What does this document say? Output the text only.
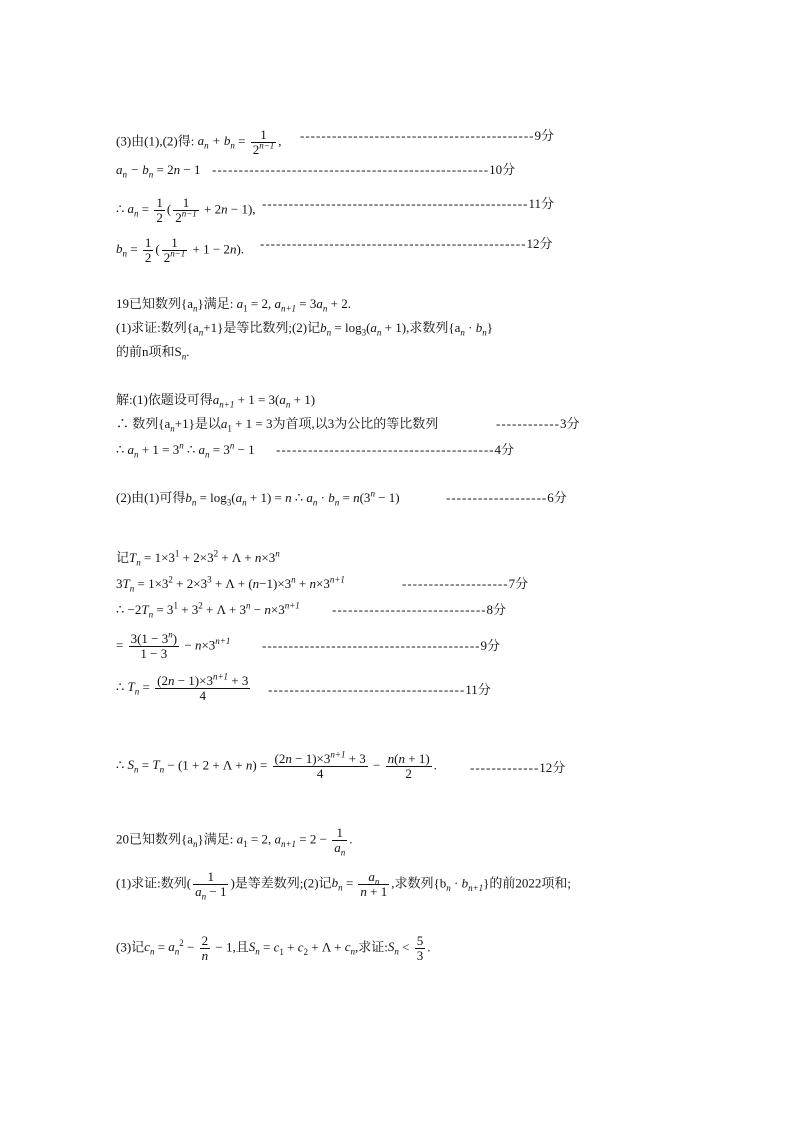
(3)由(1),(2)得: $a_n + b_n = \frac{1}{2^{n-1}}$ , --------------------------------------------9分
$a_n - b_n = 2n - 1$ ----------------------------------------------------10分
∴ $a_n = \frac{1}{2}$ ( $\frac{1}{2^{n-1}} + 2n - 1$), --------------------------------------------------11分
$b_n = \frac{1}{2}$ ( $\frac{1}{2^{n-1}} + 1 - 2n$). --------------------------------------------------12分
19已知数列$\{a_n\}$满足: $a_1 = 2$, $a_{n+1} = 3a_n + 2$.
(1)求证:数列$\{a_n+1\}$是等比数列;(2)记$b_n = \log_3(a_n + 1)$,求数列$\{a_n \cdot b_n\}$
的前n项和$S_n$.
解:(1)依题设可得$a_{n+1} + 1 = 3(a_n + 1)$
∴ 数列$\{a_n+1\}$是以$a_1 + 1 = 3$为首项,以3为公比的等比数列	------------3分
∴ $a_n + 1 = 3^n$ ∴ $a_n = 3^n - 1$ -----------------------------------------4分
(2)由(1)可得$b_n = \log_3(a_n + 1) = n$ ∴ $a_n \cdot b_n = n(3^n - 1)$	-------------------6分
记$T_n = 1\times 3^1 + 2\times 3^2 + \Lambda + n\times 3^n$
$3T_n = 1\times 3^2 + 2\times 3^3 + \Lambda + (n-1)\times 3^n + n\times 3^{n+1}$	--------------------7分
∴ $-2T_n = 3^1 + 3^2 + \Lambda + 3^n - n\times 3^{n+1}$ -----------------------------8分
= $\frac{3(1 - 3^n)}{1 - 3} - n\times 3^{n+1}$ -----------------------------------------9分
∴ $T_n = \frac{(2n - 1)\times 3^{n+1} + 3}{4} -------------------------------------11$分
∴ $S_n = T_n - (1 + 2 + \Lambda + n) = \frac{(2n - 1)\times 3^{n+1} + 3}{4} - \frac{n(n + 1)}{2}$ .	-------------12分
20已知数列$\{a_n\}$满足: $a_1 = 2$, $a_{n+1} = 2 - \frac{1}{a_n}$ .
(1)求证:数列( $\frac{1}{a_n - 1}$ )是等差数列;(2)记$b_n = \frac{a_n}{n + 1}$ ,求数列$\{b_n \cdot b_{n+1}\}$的前2022项和;
(3)记$c_n = a_n^2 - \frac{2}{n} - 1$,且$S_n = c_1 + c_2 + \Lambda + c_n$,求证$:S_n < \frac{5}{3}$ .
